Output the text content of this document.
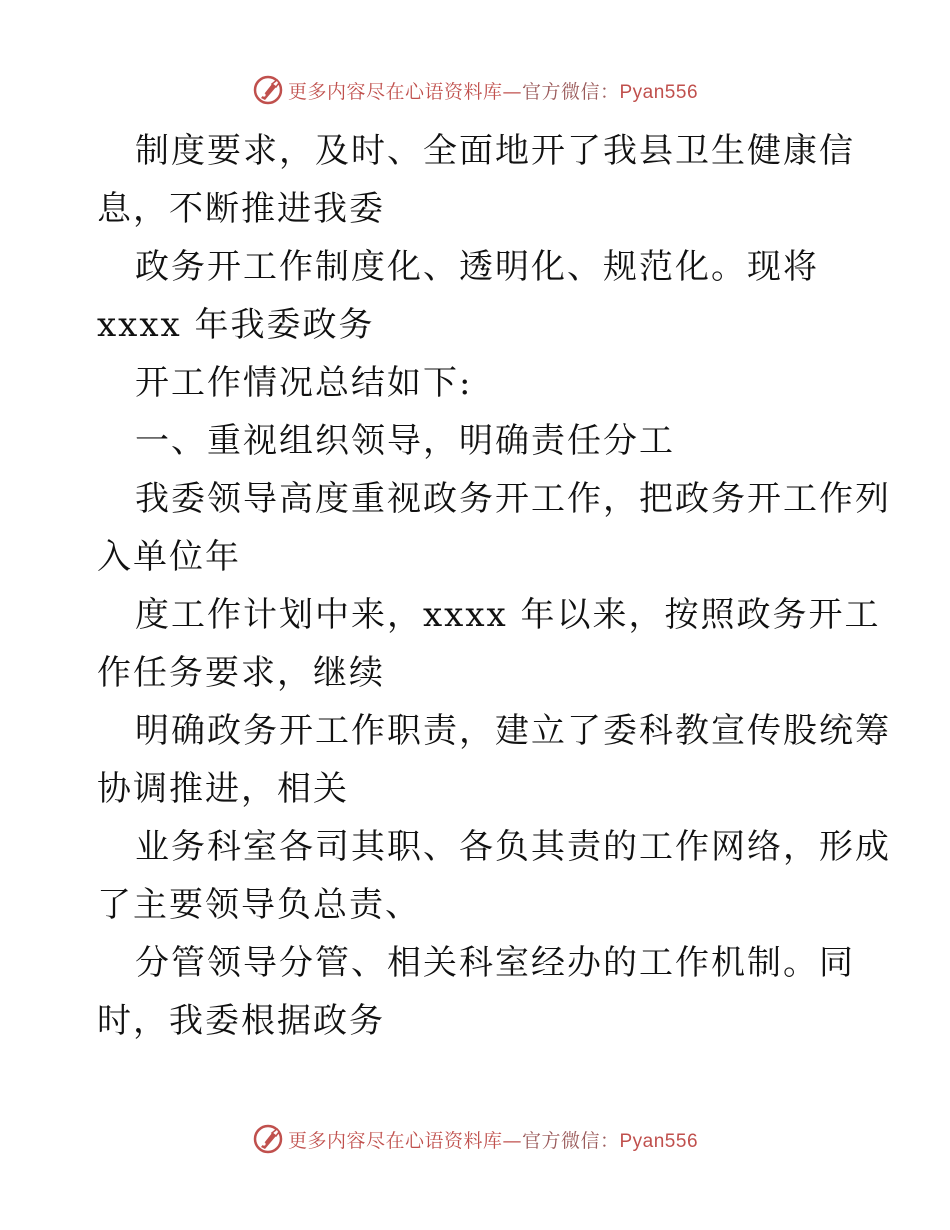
更多内容尽在心语资料库—官方微信：Pyan556
制度要求，及时、全面地开了我县卫生健康信
息，不断推进我委
政务开工作制度化、透明化、规范化。现将
xxxx 年我委政务
开工作情况总结如下:
一、重视组织领导，明确责任分工
我委领导高度重视政务开工作，把政务开工作列
入单位年
度工作计划中来，xxxx 年以来，按照政务开工
作任务要求，继续
明确政务开工作职责，建立了委科教宣传股统筹
协调推进，相关
业务科室各司其职、各负其责的工作网络，形成
了主要领导负总责、
分管领导分管、相关科室经办的工作机制。同
时，我委根据政务
更多内容尽在心语资料库—官方微信：Pyan556
